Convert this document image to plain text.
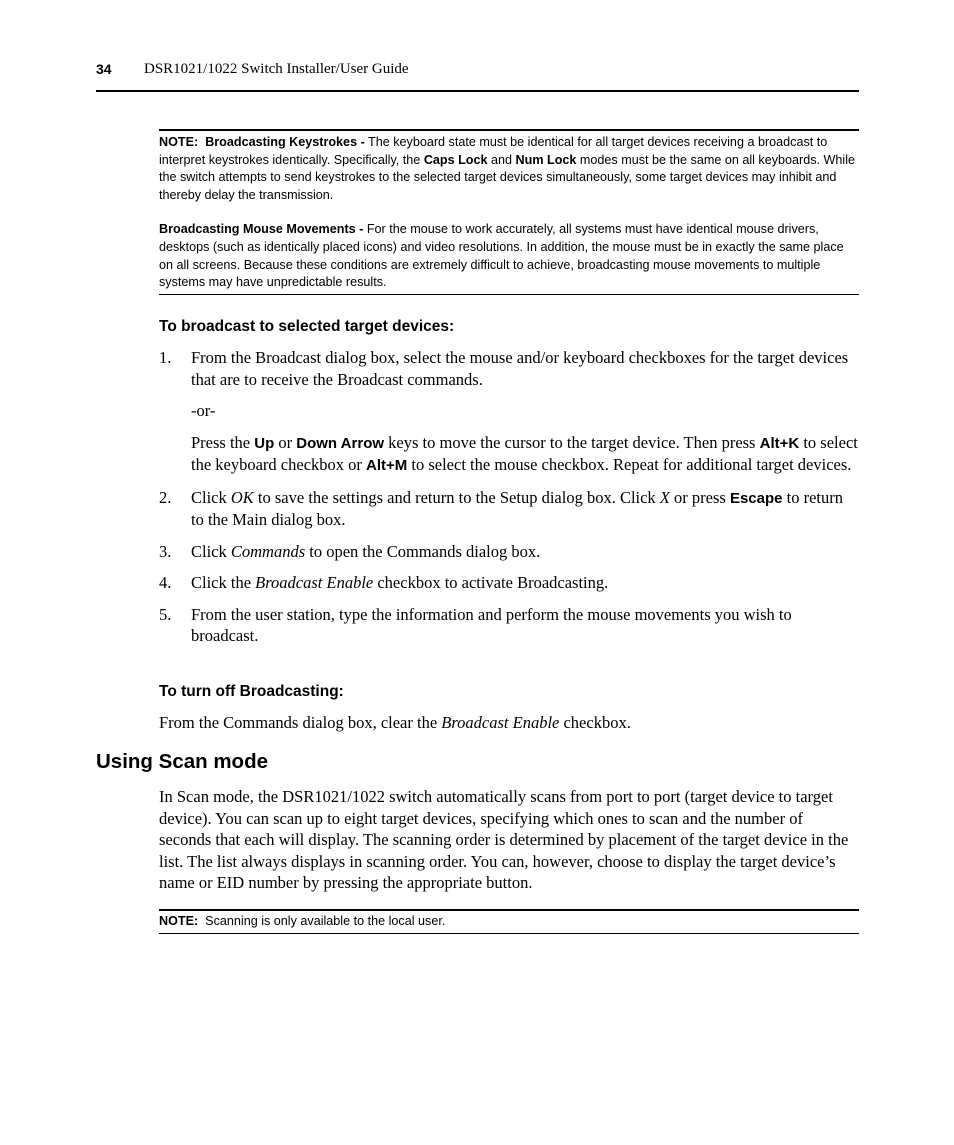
34 DSR1021/1022 Switch Installer/User Guide

NOTE: Broadcasting Keystrokes - The keyboard state must be identical for all target devices receiving a broadcast to interpret keystrokes identically. Specifically, the Caps Lock and Num Lock modes must be the same on all keyboards. While the switch attempts to send keystrokes to the selected target devices simultaneously, some target devices may inhibit and thereby delay the transmission.

Broadcasting Mouse Movements - For the mouse to work accurately, all systems must have identical mouse drivers, desktops (such as identically placed icons) and video resolutions. In addition, the mouse must be in exactly the same place on all screens. Because these conditions are extremely difficult to achieve, broadcasting mouse movements to multiple systems may have unpredictable results.

To broadcast to selected target devices:
1. From the Broadcast dialog box, select the mouse and/or keyboard checkboxes for the target devices that are to receive the Broadcast commands.

-or-

Press the Up or Down Arrow keys to move the cursor to the target device. Then press Alt+K to select the keyboard checkbox or Alt+M to select the mouse checkbox. Repeat for additional target devices.

2. Click OK to save the settings and return to the Setup dialog box. Click X or press Escape to return to the Main dialog box.

3. Click Commands to open the Commands dialog box.

4. Click the Broadcast Enable checkbox to activate Broadcasting.

5. From the user station, type the information and perform the mouse movements you wish to broadcast.

To turn off Broadcasting:

From the Commands dialog box, clear the Broadcast Enable checkbox.

Using Scan mode

In Scan mode, the DSR1021/1022 switch automatically scans from port to port (target device to target device). You can scan up to eight target devices, specifying which ones to scan and the number of seconds that each will display. The scanning order is determined by placement of the target device in the list. The list always displays in scanning order. You can, however, choose to display the target device’s name or EID number by pressing the appropriate button.

NOTE:  Scanning is only available to the local user.
